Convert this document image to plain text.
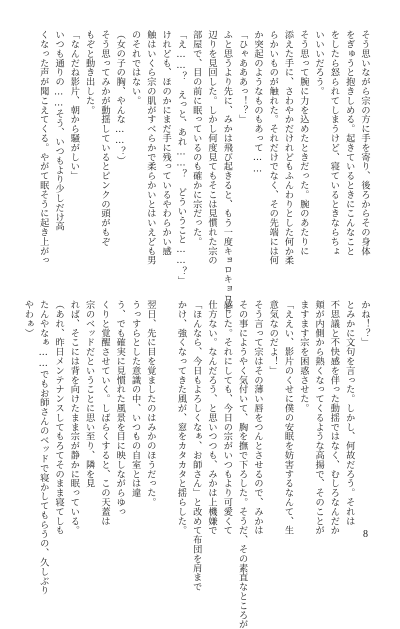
そう思いながら宗の方に手を寄り、後ろからその身体
をぎゅうと抱きしめる。起きているときにこんなこと
をしたら怒られてしまうけど、寝ているときならちょ
いいいだろう。
そう思って腕に力を込めたときだった。腕のあたりに
添えた手に、さわやかだけれどもふんわりとした何か柔
らかいものが触れた。それだけでなく、その先端には何
か突起のようなものもあって……
「ひゃあああっ！？」
ふと思うより先に、みかは飛び起きると、もう一度キョロキョロと
辺りを見回した。しかし何度見てもそこは見慣れた宗の
部屋で、目の前に眠っているのも確かに宗だった。
「え……？　えっと、あれ……？　どういうこと……？」
けれども、ほのかにまだ手に残っているやわらかい感
触はいくら宗の肌がすべらかで柔らかいとはいえども男
のそれではない。
（女の子の胸、やんな……？）
そう思ってみかが動揺しているとピンクの頭がもぞ
もぞと動き出した。
「なんだね影片、朝から騒がしい」
いつも通りの……そう、いつもより少しだけ高
くなった声が聞こえてくる。やがて眠そうに起き上がっ
かね！？」
とみかに文句を言った。しかし、何故だろう。それは
不思議と不快感を伴った動揺ではなく、むしろなんだか
頬が内側から熱くなってくるような高揚で、そのことが
ますます宗を困惑させた。
「ええい、影片のくせに僕の安眠を妨害するなんて、生
意気なのだよ！」
そう言って宗はその薄い唇をつんとさせるので、みかは
その事にようやく気付いて、胸を撫で下ろした。そうだ、その素直なところが
感じた。それにしても、今日の宗がいつもより可愛くて
仕方ない。なんだろう、と思いつつも、みかは上機嫌で
「ほんなら、今日もよろしくなぁ、お師さん」と改めて布団を肩まで
かけ、強くなってきた風が、窓をカタカタと揺らした。

翌日、先に目を覚ましたのはみかのほうだった。
うっすらとした意識の中、いつもの自室とは違
う、でも確実に見慣れた風景を目に映しながらゆっ
くりと覚醒させていく。しばらくすると、この天蓋は
宗のベッドだということに思い至り、隣を見
れば、そこには背を向けたまま宗が静かに眠っている。
（あれ、昨日メンテナンスしてもろてそのまま寝てしも
たんやなぁ……でもお師さんのベッドで寝かしてもらうの、久しぶり
やわぁ）
8
